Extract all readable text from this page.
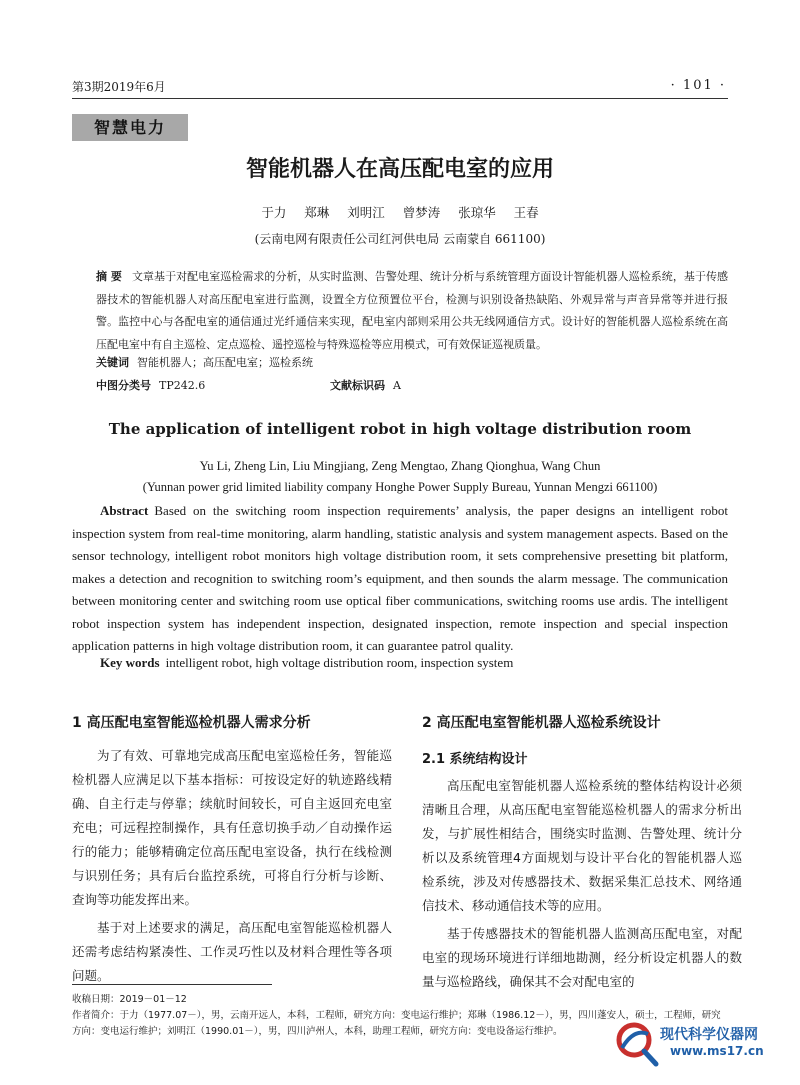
第3期2019年6月	· 101 ·
智慧电力
智能机器人在高压配电室的应用
于力 郑琳 刘明江 曾梦涛 张琼华 王春
(云南电网有限责任公司红河供电局 云南蒙自 661100)
摘 要 文章基于对配电室巡检需求的分析，从实时监测、告警处理、统计分析与系统管理方面设计智能机器人巡检系统，基于传感器技术的智能机器人对高压配电室进行监测，设置全方位预置位平台，检测与识别设备热缺陷、外观异常与声音异常等并进行报警。监控中心与各配电室的通信通过光纤通信来实现，配电室内部则采用公共无线网通信方式。设计好的智能机器人巡检系统在高压配电室中有自主巡检、定点巡检、遥控巡检与特殊巡检等应用模式，可有效保证巡视质量。
关键词 智能机器人；高压配电室；巡检系统
中图分类号 TP242.6	文献标识码 A
The application of intelligent robot in high voltage distribution room
Yu Li, Zheng Lin, Liu Mingjiang, Zeng Mengtao, Zhang Qionghua, Wang Chun
(Yunnan power grid limited liability company Honghe Power Supply Bureau, Yunnan Mengzi 661100)
Abstract Based on the switching room inspection requirements’ analysis, the paper designs an intelligent robot inspection system from real-time monitoring, alarm handling, statistic analysis and system management aspects. Based on the sensor technology, intelligent robot monitors high voltage distribution room, it sets comprehensive presetting bit platform, makes a detection and recognition to switching room’s equipment, and then sounds the alarm message. The communication between monitoring center and switching room use optical fiber communications, switching rooms use ardis. The intelligent robot inspection system has independent inspection, designated inspection, remote inspection and special inspection application patterns in high voltage distribution room, it can guarantee patrol quality.
Key words intelligent robot, high voltage distribution room, inspection system
1 高压配电室智能巡检机器人需求分析

为了有效、可靠地完成高压配电室巡检任务，智能巡检机器人应满足以下基本指标：可按设定好的轨迹路线精确、自主行走与停靠；续航时间较长，可自主返回充电室充电；可远程控制操作，具有任意切换手动／自动操作运行的能力；能够精确定位高压配电室设备，执行在线检测与识别任务；具有后台监控系统，可将自行分析与诊断、查询等功能发挥出来。

基于对上述要求的满足，高压配电室智能巡检机器人还需考虑结构紧凑性、工作灵巧性以及材料合理性等各项问题。

2 高压配电室智能机器人巡检系统设计
2.1 系统结构设计

高压配电室智能机器人巡检系统的整体结构设计必须清晰且合理，从高压配电室智能巡检机器人的需求分析出发，与扩展性相结合，围绕实时监测、告警处理、统计分析以及系统管理4方面规划与设计平台化的智能机器人巡检系统，涉及对传感器技术、数据采集汇总技术、网络通信技术、移动通信技术等的应用。

基于传感器技术的智能机器人监测高压配电室，对配电室的现场环境进行详细地勘测，经分析设定机器人的数量与巡检路线，确保其不会对配电室的

收稿日期：2019－01－12
作者简介：于力（1977.07－），男，云南开远人，本科，工程师，研究方向：变电运行维护；郑琳（1986.12－），男，四川蓬安人，硕士，工程师，研究方向：变电运行维护；刘明江（1990.01－），男，四川泸州人，本科，助理工程师，研究方向：变电设备运行维护。	现代科学仪器网
www.ms17.cn
